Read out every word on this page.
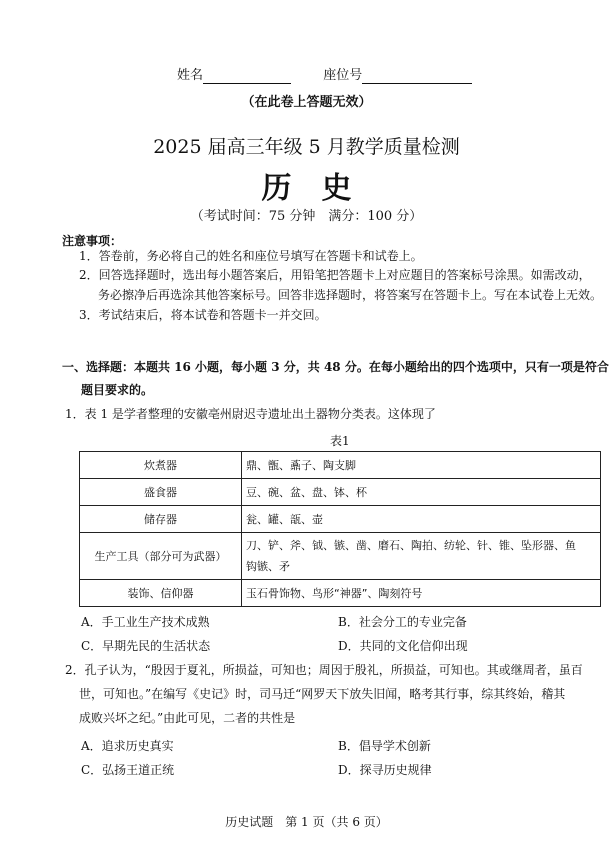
姓名	座位号
（在此卷上答题无效）
2025 届高三年级 5 月教学质量检测
历　史
（考试时间：75 分钟　满分：100 分）
注意事项：
1．答卷前，务必将自己的姓名和座位号填写在答题卡和试卷上。
2．回答选择题时，选出每小题答案后，用铅笔把答题卡上对应题目的答案标号涂黑。如需改动，
务必擦净后再选涂其他答案标号。回答非选择题时，将答案写在答题卡上。写在本试卷上无效。
3．考试结束后，将本试卷和答题卡一并交回。
一、选择题：本题共 16 小题，每小题 3 分，共 48 分。在每小题给出的四个选项中，只有一项是符合
题目要求的。
1．表 1 是学者整理的安徽亳州尉迟寺遗址出土器物分类表。这体现了
表1
炊煮器	鼎、甑、鼒子、陶支脚
盛食器	豆、碗、盆、盘、钵、杯
储存器	瓮、罐、瓿、壶
生产工具（部分可为武器）	刀、铲、斧、钺、镞、凿、磨石、陶拍、纺轮、针、锥、坠形器、鱼
钩镞、矛

装饰、信仰器	玉石骨饰物、鸟形“神器”、陶刻符号
A．手工业生产技术成熟	B．社会分工的专业完备
C．早期先民的生活状态	D．共同的文化信仰出现
2．孔子认为，“殷因于夏礼，所损益，可知也；周因于殷礼，所损益，可知也。其或继周者，虽百
世，可知也。”在编写《史记》时，司马迁“网罗天下放失旧闻，略考其行事，综其终始，稽其
成败兴坏之纪。”由此可见，二者的共性是
A．追求历史真实	B．倡导学术创新
C．弘扬王道正统	D．探寻历史规律
历史试题　第 1 页（共 6 页）
